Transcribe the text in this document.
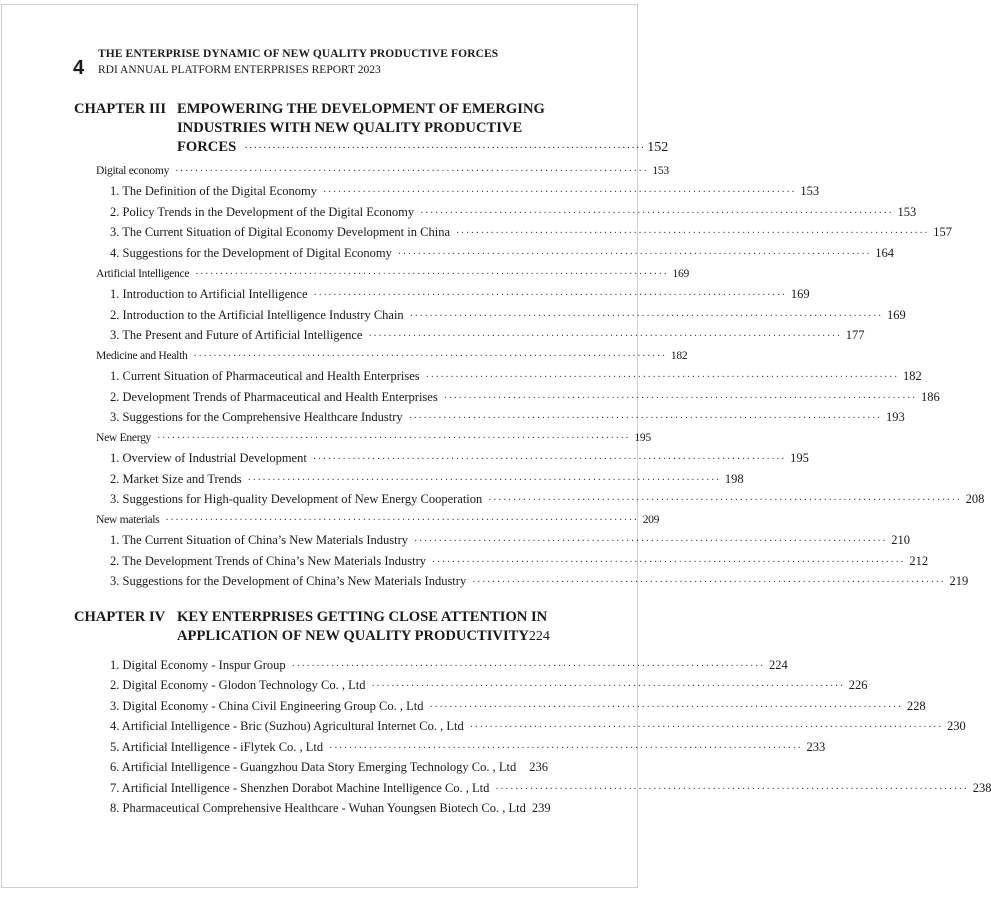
4
THE ENTERPRISE DYNAMIC OF NEW QUALITY PRODUCTIVE FORCES
RDI ANNUAL PLATFORM ENTERPRISES REPORT 2023
CHAPTER III EMPOWERING THE DEVELOPMENT OF EMERGING
INDUSTRIES WITH NEW QUALITY PRODUCTIVE
FORCES ······················································································ 152
Digital economy ································································································ 153
1. The Definition of the Digital Economy ································································································ 153
2. Policy Trends in the Development of the Digital Economy ································································································ 153
3. The Current Situation of Digital Economy Development in China ································································································ 157
4. Suggestions for the Development of Digital Economy ································································································ 164
Artificial Intelligence ································································································ 169
1. Introduction to Artificial Intelligence ································································································ 169
2. Introduction to the Artificial Intelligence Industry Chain ································································································ 169
3. The Present and Future of Artificial Intelligence ································································································ 177
Medicine and Health ································································································ 182
1. Current Situation of Pharmaceutical and Health Enterprises ································································································ 182
2. Development Trends of Pharmaceutical and Health Enterprises ································································································ 186
3. Suggestions for the Comprehensive Healthcare Industry ································································································ 193
New Energy ································································································ 195
1. Overview of Industrial Development ································································································ 195
2. Market Size and Trends ································································································ 198
3. Suggestions for High-quality Development of New Energy Cooperation ································································································ 208
New materials ································································································ 209
1. The Current Situation of China’s New Materials Industry ································································································ 210
2. The Development Trends of China’s New Materials Industry ································································································ 212
3. Suggestions for the Development of China’s New Materials Industry ································································································ 219
CHAPTER IV KEY ENTERPRISES GETTING CLOSE ATTENTION IN
APPLICATION OF NEW QUALITY PRODUCTIVITY 224
1. Digital Economy - Inspur Group ································································································ 224
2. Digital Economy - Glodon Technology Co. , Ltd ································································································ 226
3. Digital Economy - China Civil Engineering Group Co. , Ltd ································································································ 228
4. Artificial Intelligence - Bric (Suzhou) Agricultural Internet Co. , Ltd ································································································ 230
5. Artificial Intelligence - iFlytek Co. , Ltd ································································································ 233
6. Artificial Intelligence - Guangzhou Data Story Emerging Technology Co. , Ltd 236
7. Artificial Intelligence - Shenzhen Dorabot Machine Intelligence Co. , Ltd ································································································ 238
8. Pharmaceutical Comprehensive Healthcare - Wuhan Youngsen Biotech Co. , Ltd 239
